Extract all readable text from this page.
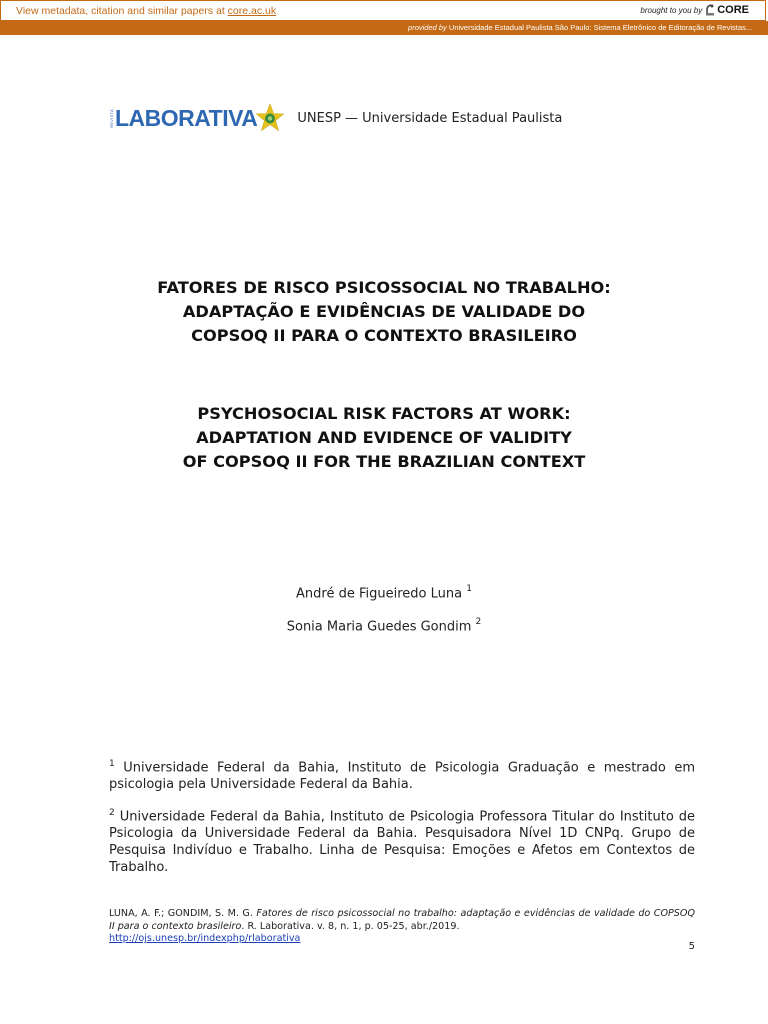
View metadata, citation and similar papers at core.ac.uk	brought to you by CORE
provided by Universidade Estadual Paulista São Paulo: Sistema Eletrônico de Editoração de Revistas...
REVISTA LABORATIVA	UNESP — Universidade Estadual Paulista
FATORES DE RISCO PSICOSSOCIAL NO TRABALHO:
ADAPTAÇÃO E EVIDÊNCIAS DE VALIDADE DO
COPSOQ II PARA O CONTEXTO BRASILEIRO
PSYCHOSOCIAL RISK FACTORS AT WORK:
ADAPTATION AND EVIDENCE OF VALIDITY
OF COPSOQ II FOR THE BRAZILIAN CONTEXT
André de Figueiredo Luna $^1$
Sonia Maria Guedes Gondim $^2$
$^1$ Universidade Federal da Bahia, Instituto de Psicologia Graduação e mestrado em psicologia pela Universidade Federal da Bahia.
$^2$ Universidade Federal da Bahia, Instituto de Psicologia Professora Titular do Instituto de Psicologia da Universidade Federal da Bahia. Pesquisadora Nível 1D CNPq. Grupo de Pesquisa Indivíduo e Trabalho. Linha de Pesquisa: Emoções e Afetos em Contextos de Trabalho.
LUNA, A. F.; GONDIM, S. M. G. Fatores de risco psicossocial no trabalho: adaptação e evidências de validade do COPSOQ II para o contexto brasileiro. R. Laborativa. v. 8, n. 1, p. 05-25, abr./2019.
http://ojs.unesp.br/indexphp/rlaborativa
5
